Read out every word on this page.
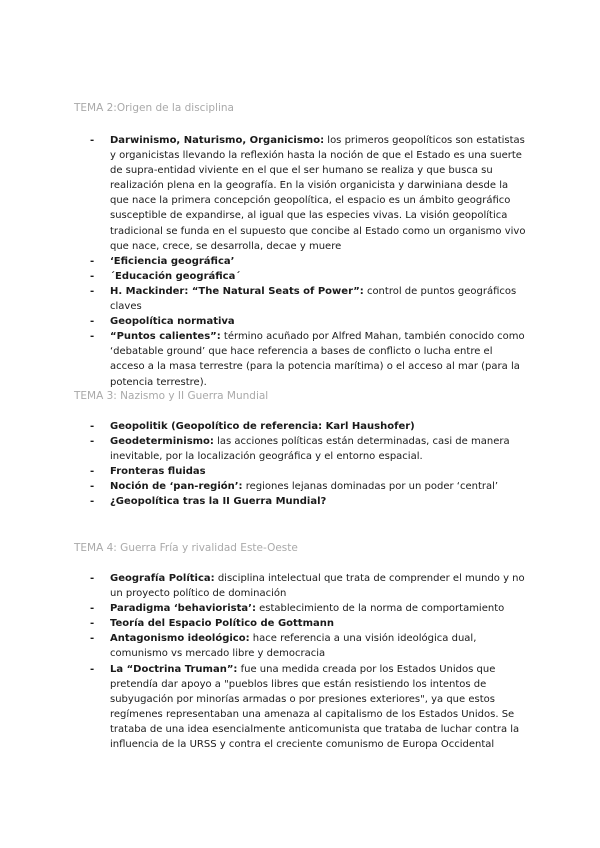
TEMA 2:Origen de la disciplina
- Darwinismo, Naturismo, Organicismo: los primeros geopolíticos son estatistas y organicistas llevando la reflexión hasta la noción de que el Estado es una suerte de supra-entidad viviente en el que el ser humano se realiza y que busca su realización plena en la geografía. En la visión organicista y darwiniana desde la que nace la primera concepción geopolítica, el espacio es un ámbito geográfico susceptible de expandirse, al igual que las especies vivas. La visión geopolítica tradicional se funda en el supuesto que concibe al Estado como un organismo vivo que nace, crece, se desarrolla, decae y muere
- ‘Eficiencia geográfica’
- ´Educación geográfica´
- H. Mackinder: “The Natural Seats of Power”: control de puntos geográficos claves
- Geopolítica normativa
- “Puntos calientes”: término acuñado por Alfred Mahan, también conocido como ‘debatable ground’ que hace referencia a bases de conflicto o lucha entre el acceso a la masa terrestre (para la potencia marítima) o el acceso al mar (para la potencia terrestre).
TEMA 3: Nazismo y II Guerra Mundial
- Geopolitik (Geopolítico de referencia: Karl Haushofer)
- Geodeterminismo: las acciones políticas están determinadas, casi de manera inevitable, por la localización geográfica y el entorno espacial.
- Fronteras fluidas
- Noción de ‘pan-región’: regiones lejanas dominadas por un poder ‘central’
- ¿Geopolítica tras la II Guerra Mundial?
TEMA 4: Guerra Fría y rivalidad Este-Oeste
- Geografía Política: disciplina intelectual que trata de comprender el mundo y no un proyecto político de dominación
- Paradigma ‘behaviorista’: establecimiento de la norma de comportamiento
- Teoría del Espacio Político de Gottmann
- Antagonismo ideológico: hace referencia a una visión ideológica dual, comunismo vs mercado libre y democracia
- La “Doctrina Truman”: fue una medida creada por los Estados Unidos que pretendía dar apoyo a "pueblos libres que están resistiendo los intentos de subyugación por minorías armadas o por presiones exteriores", ya que estos regímenes representaban una amenaza al capitalismo de los Estados Unidos. Se trataba de una idea esencialmente anticomunista que trataba de luchar contra la influencia de la URSS y contra el creciente comunismo de Europa Occidental
